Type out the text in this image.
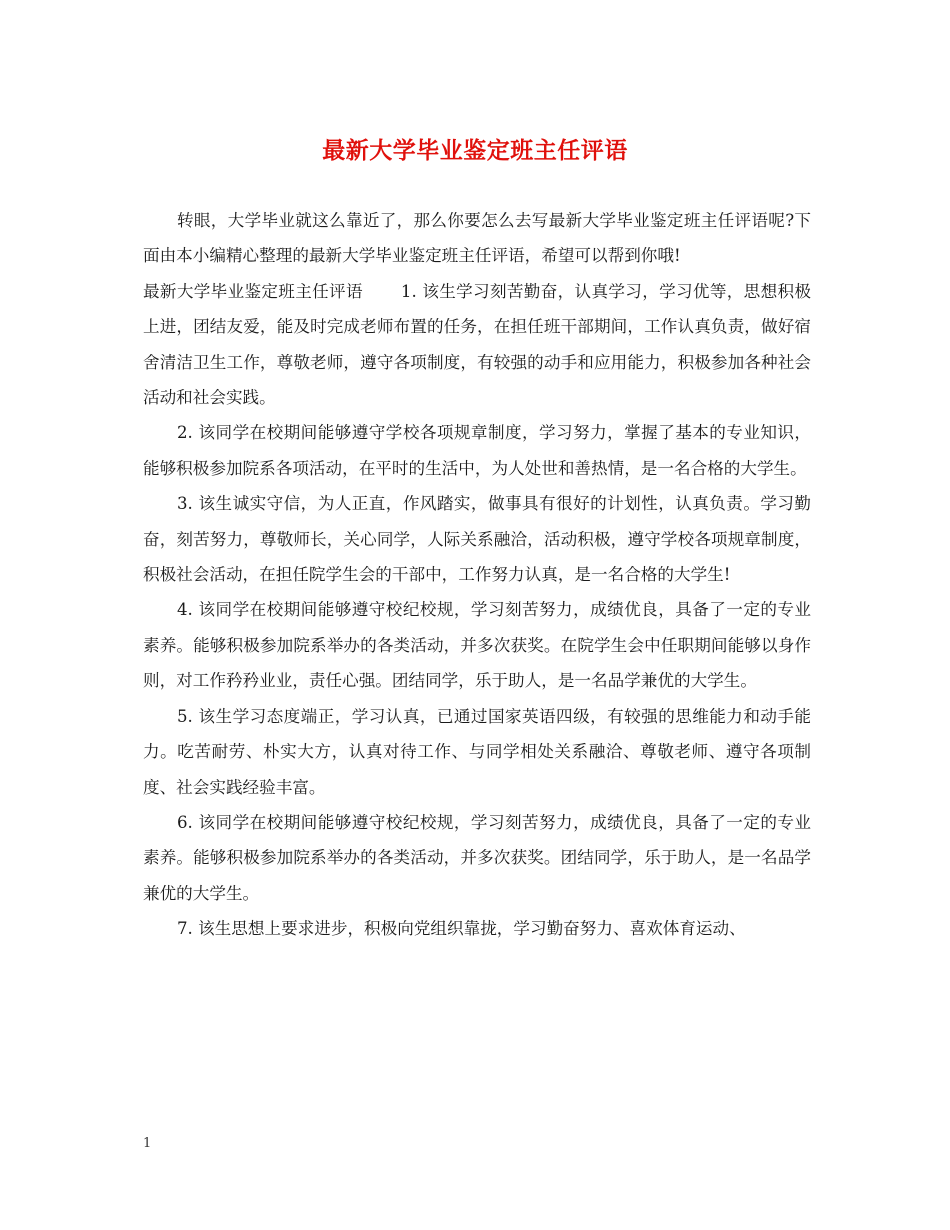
最新大学毕业鉴定班主任评语

转眼，大学毕业就这么靠近了，那么你要怎么去写最新大学毕业鉴定班主任评语呢?下面由本小编精心整理的最新大学毕业鉴定班主任评语，希望可以帮到你哦!

最新大学毕业鉴定班主任评语 1. 该生学习刻苦勤奋，认真学习，学习优等，思想积极上进，团结友爱，能及时完成老师布置的任务，在担任班干部期间，工作认真负责，做好宿舍清洁卫生工作，尊敬老师，遵守各项制度，有较强的动手和应用能力，积极参加各种社会活动和社会实践。

2. 该同学在校期间能够遵守学校各项规章制度，学习努力，掌握了基本的专业知识，能够积极参加院系各项活动，在平时的生活中，为人处世和善热情，是一名合格的大学生。

3. 该生诚实守信，为人正直，作风踏实，做事具有很好的计划性，认真负责。学习勤奋，刻苦努力，尊敬师长，关心同学，人际关系融洽，活动积极，遵守学校各项规章制度，积极社会活动，在担任院学生会的干部中，工作努力认真，是一名合格的大学生!

4. 该同学在校期间能够遵守校纪校规，学习刻苦努力，成绩优良，具备了一定的专业素养。能够积极参加院系举办的各类活动，并多次获奖。在院学生会中任职期间能够以身作则，对工作矜矜业业，责任心强。团结同学，乐于助人，是一名品学兼优的大学生。

5. 该生学习态度端正，学习认真，已通过国家英语四级，有较强的思维能力和动手能力。吃苦耐劳、朴实大方，认真对待工作、与同学相处关系融洽、尊敬老师、遵守各项制度、社会实践经验丰富。

6. 该同学在校期间能够遵守校纪校规，学习刻苦努力，成绩优良，具备了一定的专业素养。能够积极参加院系举办的各类活动，并多次获奖。团结同学，乐于助人，是一名品学兼优的大学生。

7. 该生思想上要求进步，积极向党组织靠拢，学习勤奋努力、喜欢体育运动、

1
